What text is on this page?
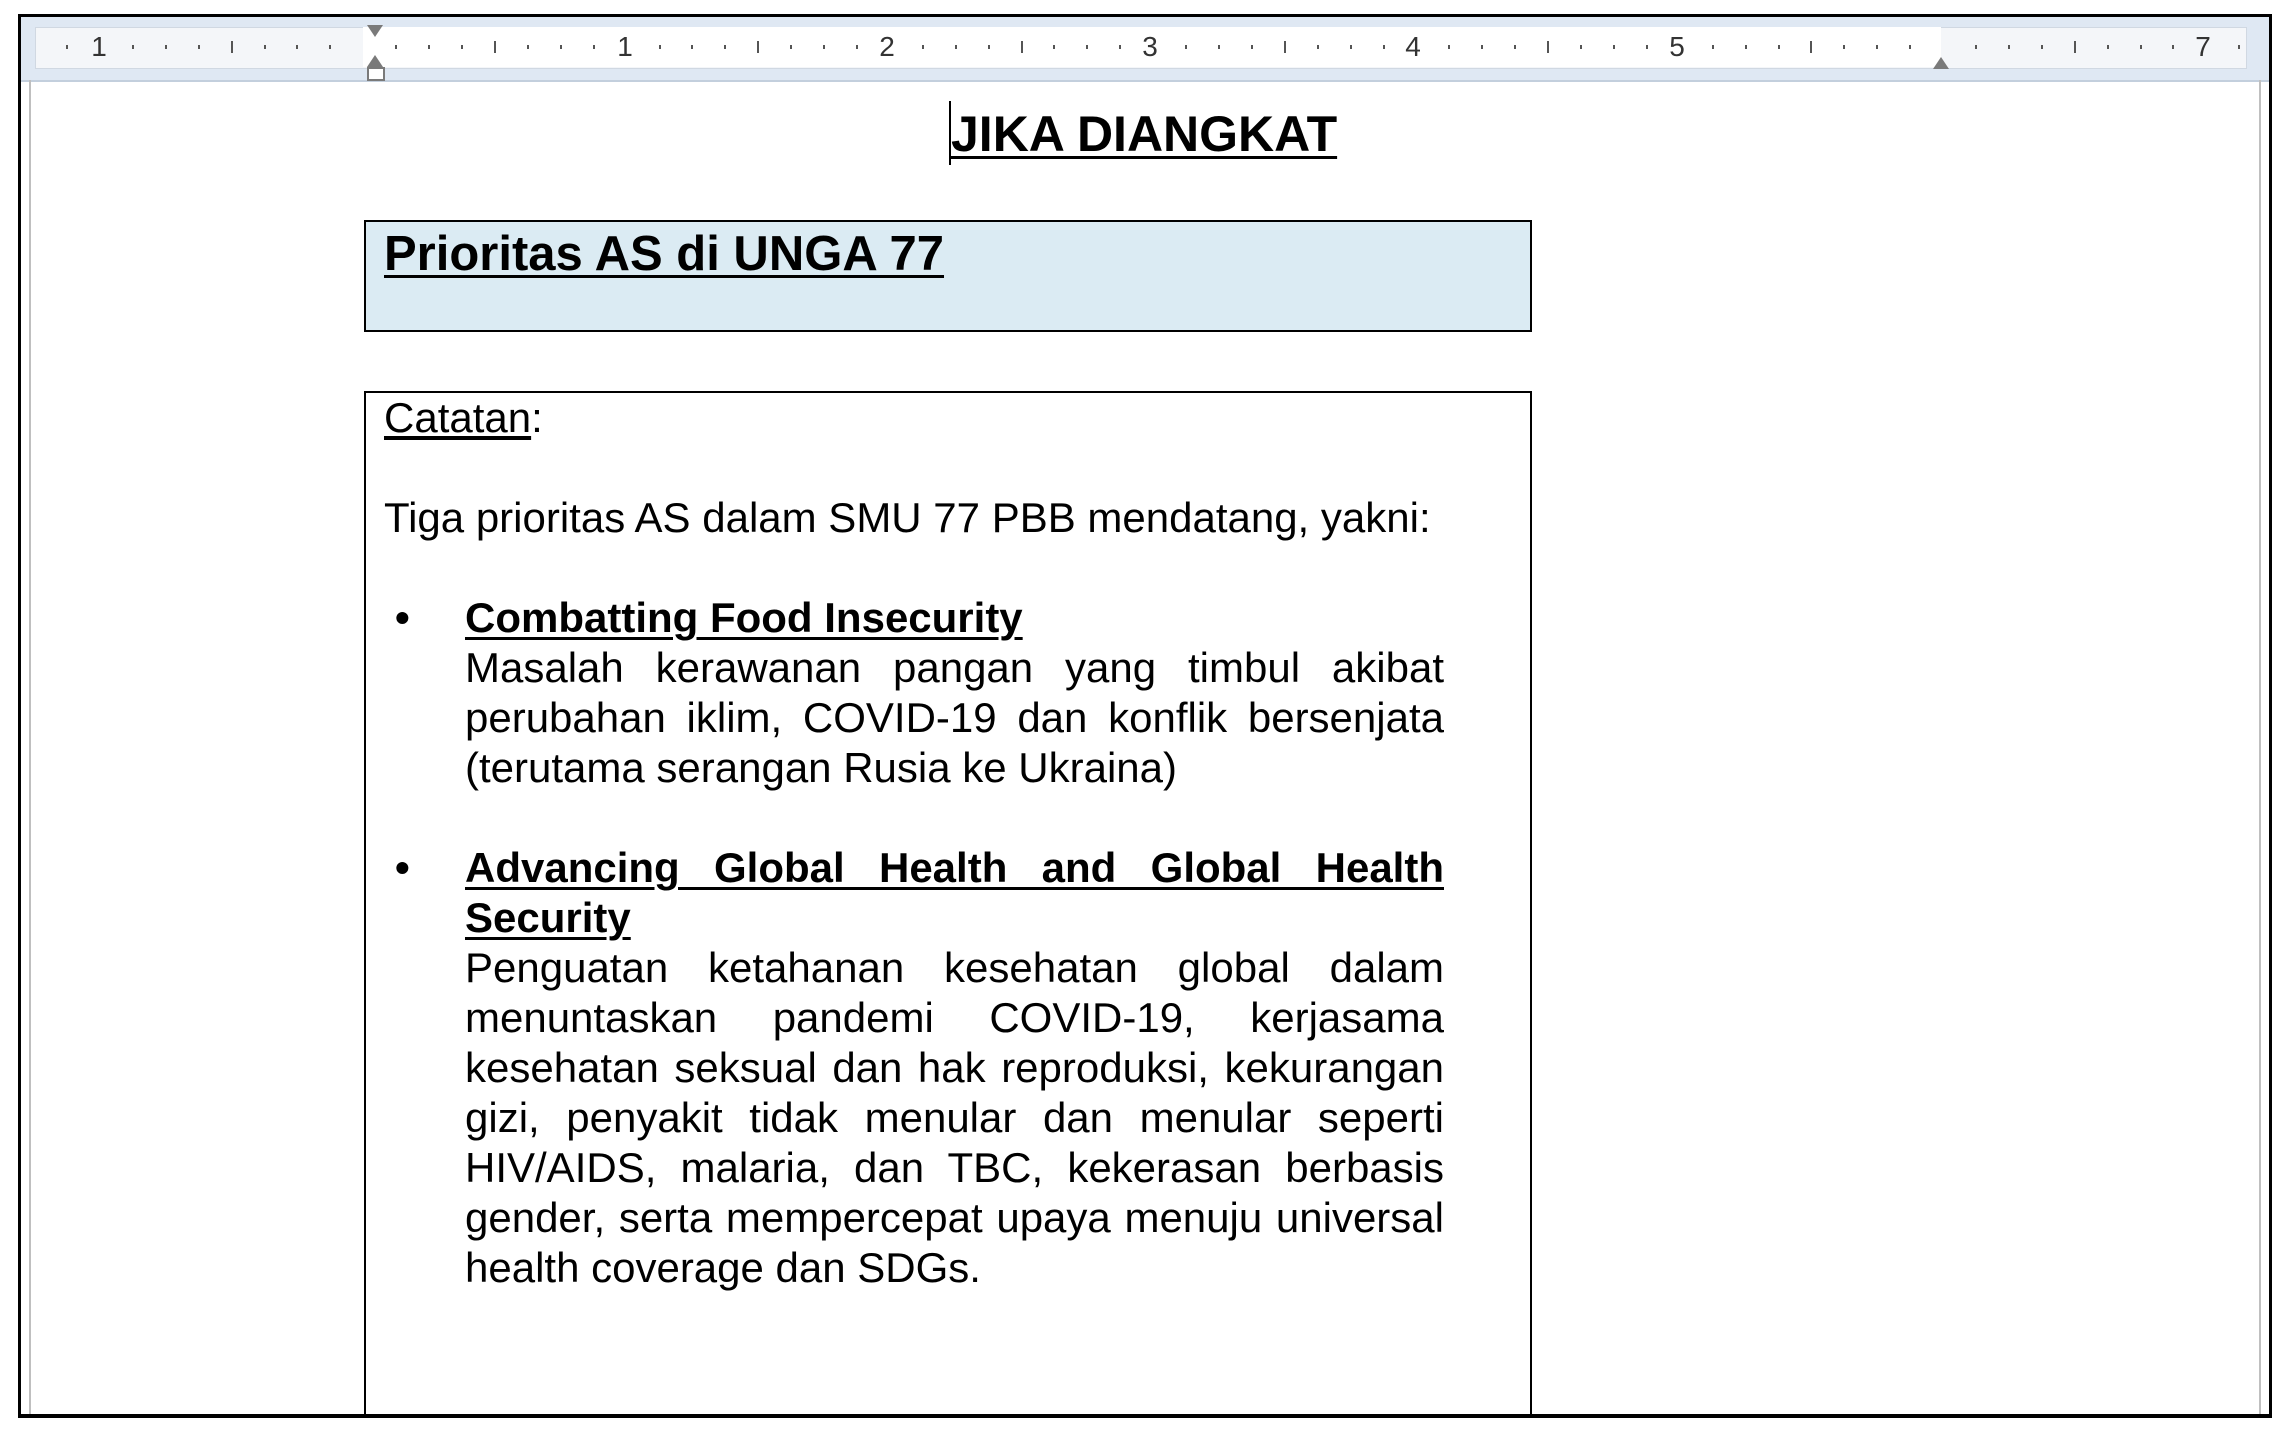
1	1	2	3	4	5	7
JIKA DIANGKAT
Prioritas AS di UNGA 77
Catatan:
Tiga prioritas AS dalam SMU 77 PBB mendatang, yakni:
• Combatting Food Insecurity
Masalah kerawanan pangan yang timbul akibat perubahan iklim, COVID-19 dan konflik bersenjata (terutama serangan Rusia ke Ukraina)
• Advancing Global Health and Global Health Security
Penguatan ketahanan kesehatan global dalam menuntaskan pandemi COVID-19, kerjasama kesehatan seksual dan hak reproduksi, kekurangan gizi, penyakit tidak menular dan menular seperti HIV/AIDS, malaria, dan TBC, kekerasan berbasis gender, serta mempercepat upaya menuju universal health coverage dan SDGs.
